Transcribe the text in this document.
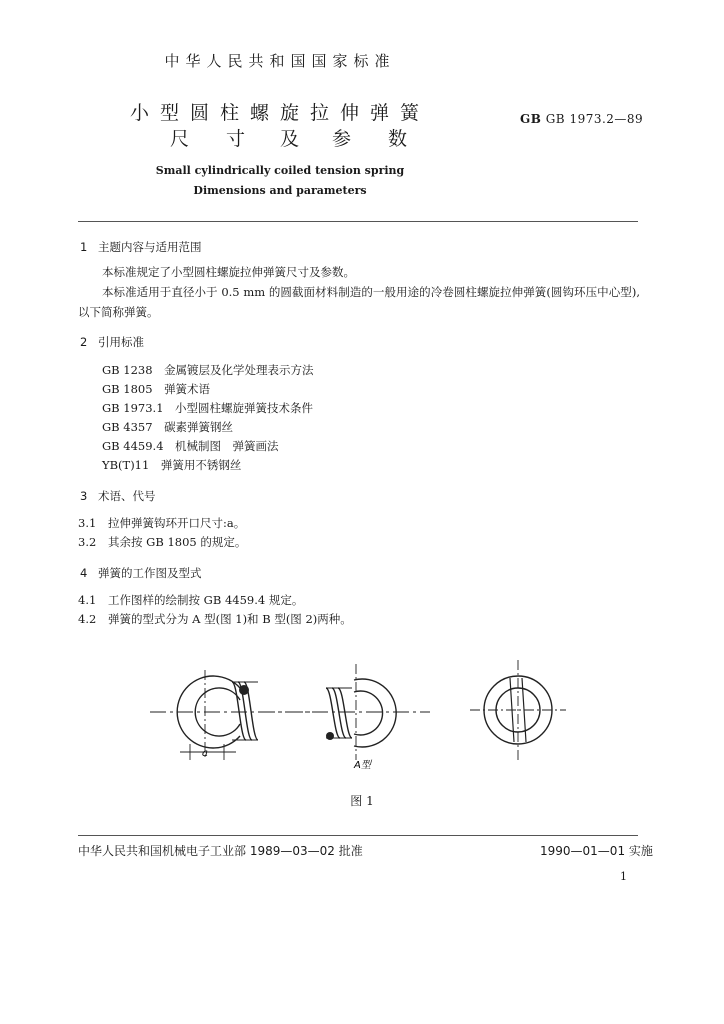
中华人民共和国国家标准
小型圆柱螺旋拉伸弹簧
尺 寸 及 参 数
GB GB 1973.2—89
Small cylindrically coiled tension spring
Dimensions and parameters
1 主题内容与适用范围
本标准规定了小型圆柱螺旋拉伸弹簧尺寸及参数。
本标准适用于直径小于 0.5 mm 的圆截面材料制造的一般用途的冷卷圆柱螺旋拉伸弹簧(圆钩环压中心型),以下简称弹簧。
2 引用标准
GB 1238　 金属镀层及化学处理表示方法
GB 1805　 弹簧术语
GB 1973.1　 小型圆柱螺旋弹簧技术条件
GB 4357　 碳素弹簧钢丝
GB 4459.4　 机械制图　弹簧画法
YB(T)11　 弹簧用不锈钢丝
3 术语、代号
3.1 拉伸弹簧钩环开口尺寸:a。
3.2 其余按 GB 1805 的规定。
4 弹簧的工作图及型式
4.1 工作图样的绘制按 GB 4459.4 规定。
4.2 弹簧的型式分为 A 型(图 1)和 B 型(图 2)两种。
a
A型
图 1
中华人民共和国机械电子工业部 1989—03—02 批准	1990—01—01 实施
1
